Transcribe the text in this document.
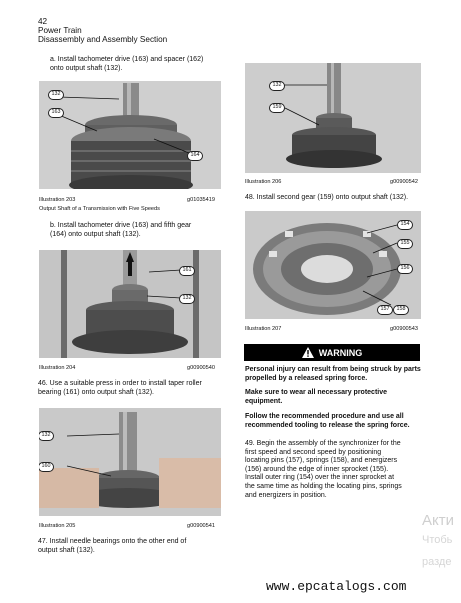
42
Power Train
Disassembly and Assembly Section
a. Install tachometer drive (163) and spacer (162)
onto output shaft (132).
132
163
164
Illustration 203	g01035419
Output Shaft of a Transmission with Five Speeds
b. Install tachometer drive (163) and fifth gear
(164) onto output shaft (132).
161
132
Illustration 204	g00900540
46. Use a suitable press in order to install taper roller
bearing (161) onto output shaft (132).
132
160
Illustration 205	g00900541
47. Install needle bearings onto the other end of
output shaft (132).
132
159
Illustration 206	g00900542
48. Install second gear (159) onto output shaft (132).
154
155
156
157	158
Illustration 207	g00900543
WARNING
Personal injury can result from being struck by parts propelled by a released spring force.
Make sure to wear all necessary protective equipment.
Follow the recommended procedure and use all recommended tooling to release the spring force.
49. Begin the assembly of the synchronizer for the
first speed and second speed by positioning
locating pins (157), springs (158), and energizers
(156) around the edge of inner sprocket (155).
Install outer ring (154) over the inner sprocket at
the same time as holding the locating pins, springs
and energizers in position.
www.epcatalogs.com
Акти
Чтобь
разде
